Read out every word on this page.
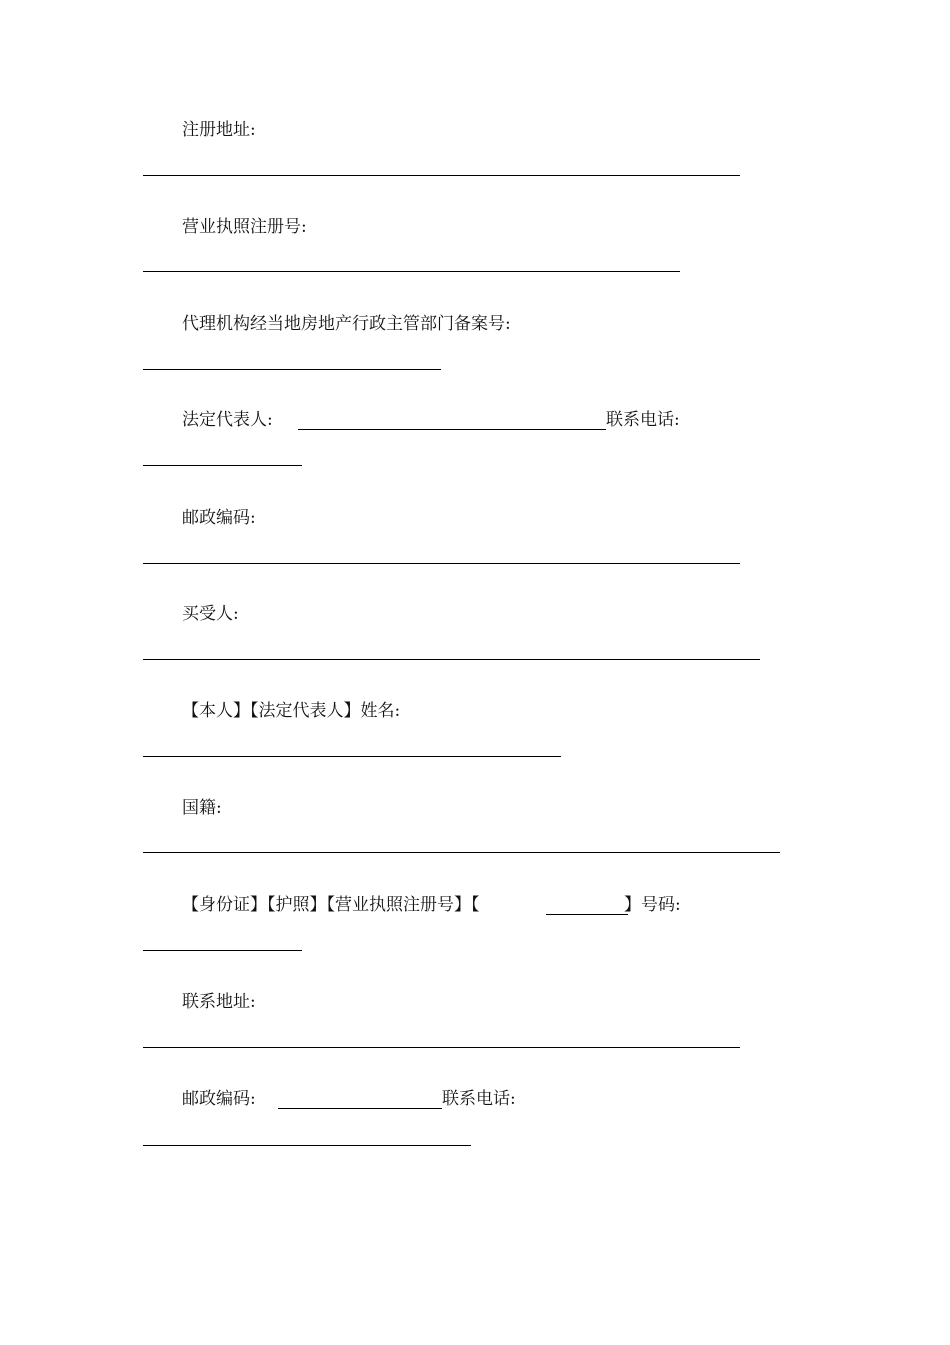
注册地址:
营业执照注册号:
代理机构经当地房地产行政主管部门备案号:
法定代表人:	联系电话:
邮政编码:
买受人:
【本人】【法定代表人】姓名:
国籍:
【身份证】【护照】【营业执照注册号】【	】号码:
联系地址:
邮政编码:	联系电话:
